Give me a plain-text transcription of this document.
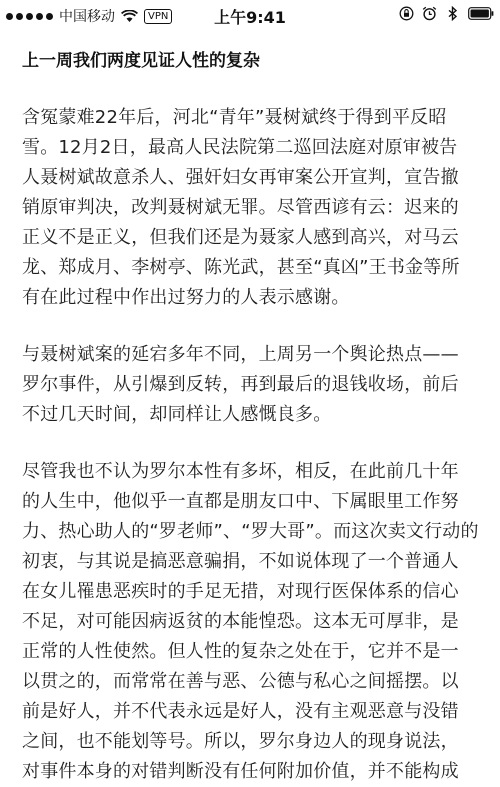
中国移动	VPN	上午9:41
上一周我们两度见证人性的复杂
含冤蒙难22年后，河北“青年”聂树斌终于得到平反昭
雪。12月2日，最高人民法院第二巡回法庭对原审被告
人聂树斌故意杀人、强奸妇女再审案公开宣判，宣告撤
销原审判决，改判聂树斌无罪。尽管西谚有云：迟来的
正义不是正义，但我们还是为聂家人感到高兴，对马云
龙、郑成月、李树亭、陈光武，甚至“真凶”王书金等所
有在此过程中作出过努力的人表示感谢。
与聂树斌案的延宕多年不同，上周另一个舆论热点——
罗尔事件，从引爆到反转，再到最后的退钱收场，前后
不过几天时间，却同样让人感慨良多。
尽管我也不认为罗尔本性有多坏，相反，在此前几十年
的人生中，他似乎一直都是朋友口中、下属眼里工作努
力、热心助人的“罗老师”、“罗大哥”。而这次卖文行动的
初衷，与其说是搞恶意骗捐，不如说体现了一个普通人
在女儿罹患恶疾时的手足无措，对现行医保体系的信心
不足，对可能因病返贫的本能惶恐。这本无可厚非，是
正常的人性使然。但人性的复杂之处在于，它并不是一
以贯之的，而常常在善与恶、公德与私心之间摇摆。以
前是好人，并不代表永远是好人，没有主观恶意与没错
之间，也不能划等号。所以，罗尔身边人的现身说法，
对事件本身的对错判断没有任何附加价值，并不能构成
